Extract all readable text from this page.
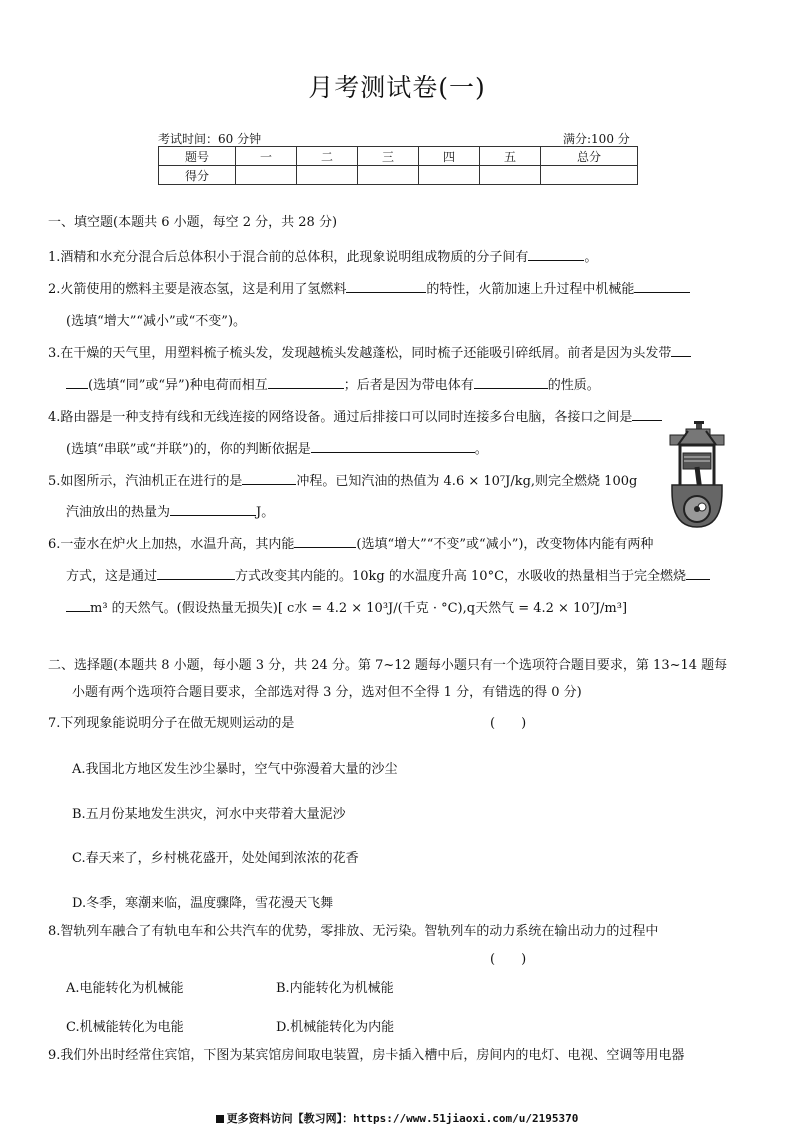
月考测试卷(一)
考试时间：60 分钟	满分:100 分
题号	一	二	三	四	五	总分
得分						
一、填空题(本题共 6 小题，每空 2 分，共 28 分)
1.酒精和水充分混合后总体积小于混合前的总体积，此现象说明组成物质的分子间有	。
2.火箭使用的燃料主要是液态氢，这是利用了氢燃料	的特性，火箭加速上升过程中机械能
(选填“增大”“减小”或“不变”)。
3.在干燥的天气里，用塑料梳子梳头发，发现越梳头发越蓬松，同时梳子还能吸引碎纸屑。前者是因为头发带
(选填“同”或“异”)种电荷而相互	；后者是因为带电体有	的性质。
4.路由器是一种支持有线和无线连接的网络设备。通过后排接口可以同时连接多台电脑，各接口之间是
(选填“串联”或“并联”)的，你的判断依据是	。
5.如图所示，汽油机正在进行的是	冲程。已知汽油的热值为 4.6 × 10⁷J/kg,则完全燃烧 100g
汽油放出的热量为	J。
6.一壶水在炉火上加热，水温升高，其内能	(选填“增大”“不变”或“减小”)，改变物体内能有两种
方式，这是通过	方式改变其内能的。10kg 的水温度升高 10°C，水吸收的热量相当于完全燃烧
m³ 的天然气。(假设热量无损失)[ c水 = 4.2 × 10³J/(千克 · °C),q天然气 = 4.2 × 10⁷J/m³]
二、选择题(本题共 8 小题，每小题 3 分，共 24 分。第 7~12 题每小题只有一个选项符合题目要求，第 13~14 题每
小题有两个选项符合题目要求，全部选对得 3 分，选对但不全得 1 分，有错选的得 0 分)
7.下列现象能说明分子在做无规则运动的是	(　　)
A.我国北方地区发生沙尘暴时，空气中弥漫着大量的沙尘
B.五月份某地发生洪灾，河水中夹带着大量泥沙
C.春天来了，乡村桃花盛开，处处闻到浓浓的花香
D.冬季，寒潮来临，温度骤降，雪花漫天飞舞
8.智轨列车融合了有轨电车和公共汽车的优势，零排放、无污染。智轨列车的动力系统在输出动力的过程中
(　　)
A.电能转化为机械能	B.内能转化为机械能
C.机械能转化为电能	D.机械能转化为内能
9.我们外出时经常住宾馆，下图为某宾馆房间取电装置，房卡插入槽中后，房间内的电灯、电视、空调等用电器
更多资料访问【教习网】：https://www.51jiaoxi.com/u/2195370
